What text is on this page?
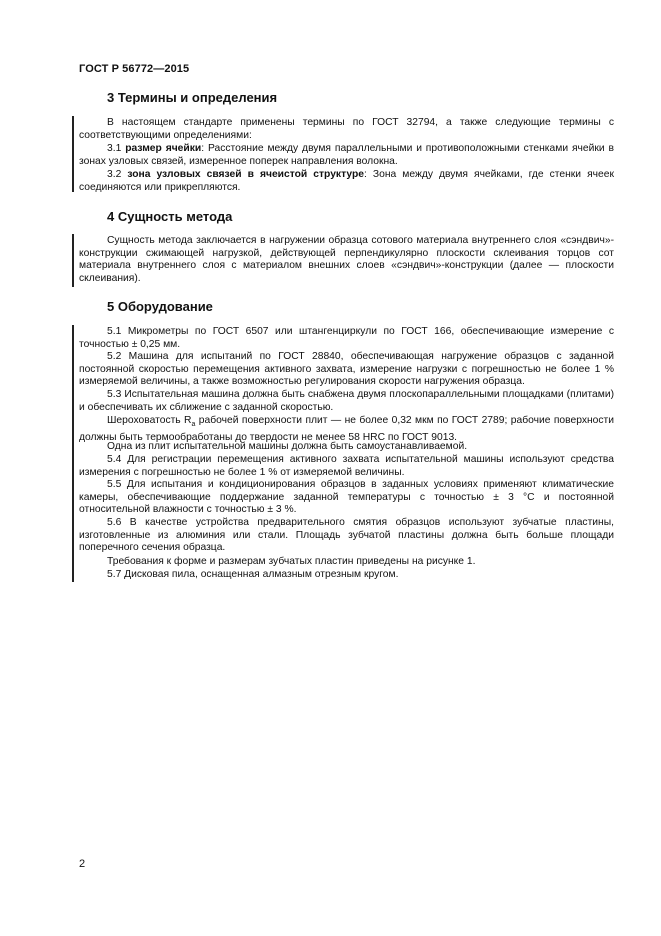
ГОСТ Р 56772—2015
3 Термины и определения

В настоящем стандарте применены термины по ГОСТ 32794, а также следующие термины с соответствующими определениями:

3.1 размер ячейки: Расстояние между двумя параллельными и противоположными стенками ячейки в зонах узловых связей, измеренное поперек направления волокна.

3.2 зона узловых связей в ячеистой структуре: Зона между двумя ячейками, где стенки ячеек соединяются или прикрепляются.

4 Сущность метода

Сущность метода заключается в нагружении образца сотового материала внутреннего слоя «сэндвич»-конструкции сжимающей нагрузкой, действующей перпендикулярно плоскости склеивания торцов сот материала внутреннего слоя с материалом внешних слоев «сэндвич»-конструкции (далее — плоскости склеивания).

5 Оборудование

5.1 Микрометры по ГОСТ 6507 или штангенциркули по ГОСТ 166, обеспечивающие измерение с точностью ± 0,25 мм.

5.2 Машина для испытаний по ГОСТ 28840, обеспечивающая нагружение образцов с заданной постоянной скоростью перемещения активного захвата, измерение нагрузки с погрешностью не более 1 % измеряемой величины, а также возможностью регулирования скорости нагружения образца.

5.3 Испытательная машина должна быть снабжена двумя плоскопараллельными площадками (плитами) и обеспечивать их сближение с заданной скоростью.

Шероховатость $R_a$ рабочей поверхности плит — не более 0,32 мкм по ГОСТ 2789; рабочие поверхности должны быть термообработаны до твердости не менее 58 HRC по ГОСТ 9013.

Одна из плит испытательной машины должна быть самоустанавливаемой.

5.4 Для регистрации перемещения активного захвата испытательной машины используют средства измерения с погрешностью не более 1 % от измеряемой величины.

5.5 Для испытания и кондиционирования образцов в заданных условиях применяют климатические камеры, обеспечивающие поддержание заданной температуры с точностью ± 3 °С и постоянной относительной влажности с точностью ± 3 %.

5.6 В качестве устройства предварительного смятия образцов используют зубчатые пластины, изготовленные из алюминия или стали. Площадь зубчатой пластины должна быть больше площади поперечного сечения образца.

Требования к форме и размерам зубчатых пластин приведены на рисунке 1.

5.7 Дисковая пила, оснащенная алмазным отрезным кругом.

2
